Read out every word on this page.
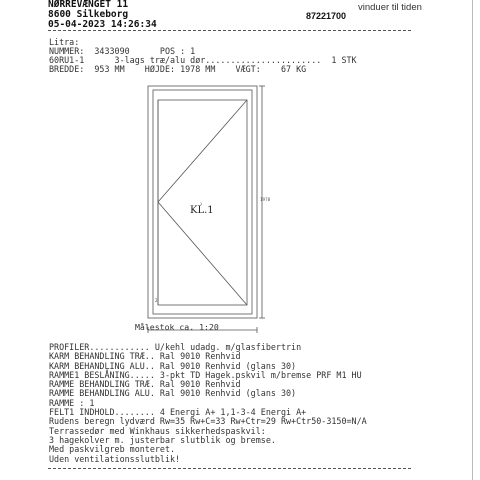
NØRREVÆNGET 11
8600 Silkeborg
05-04-2023 14:26:34
87221700
vinduer til tiden
Litra:
NUMMER:  3433090      POS : 1
60RU1-1      3-lags træ/alu dør.......................  1 STK
BREDDE:  953 MM    HØJDE: 1978 MM    VÆGT:    67 KG
KL.1
1
2
1978
Målestok ca. 1:20
PROFILER............ U/kehl udadg. m/glasfibertrin
KARM BEHANDLING TRÆ.. Ral 9010 Renhvid
KARM BEHANDLING ALU.. Ral 9010 Renhvid (glans 30)
RAMME1 BESLÅNING..... 3-pkt TD Hagek.pskvil m/bremse PRF M1 HU
RAMME BEHANDLING TRÆ. Ral 9010 Renhvid
RAMME BEHANDLING ALU. Ral 9010 Renhvid (glans 30)
RAMME : 1
FELT1 INDHOLD........ 4 Energi A+ 1,1-3-4 Energi A+
Rudens beregn lydværd Rw=35 Rw+C=33 Rw+Ctr=29 Rw+Ctr50-3150=N/A
Terrassedør med Winkhaus sikkerhedspaskvil:
3 hagekolver m. justerbar slutblik og bremse.
Med paskvilgreb monteret.
Uden ventilationsslutblik!
